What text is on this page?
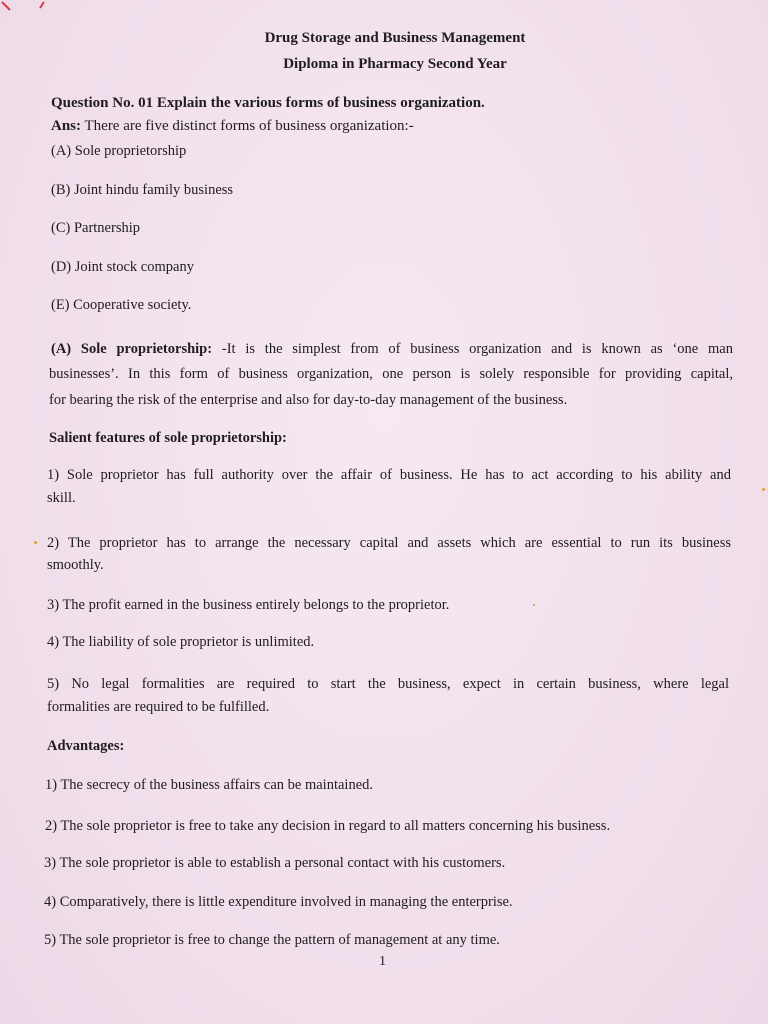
Drug Storage and Business Management
Diploma in Pharmacy Second Year
Question No. 01 Explain the various forms of business organization.
Ans: There are five distinct forms of business organization:-
(A) Sole proprietorship
(B) Joint hindu family business
(C) Partnership
(D) Joint stock company
(E) Cooperative society.
(A) Sole proprietorship: -It is the simplest from of business organization and is known as ‘one man
businesses’. In this form of business organization, one person is solely responsible for providing capital,
for bearing the risk of the enterprise and also for day-to-day management of the business.
Salient features of sole proprietorship:
1) Sole proprietor has full authority over the affair of business. He has to act according to his ability and
skill.
2) The proprietor has to arrange the necessary capital and assets which are essential to run its business
smoothly.
3) The profit earned in the business entirely belongs to the proprietor.
4) The liability of sole proprietor is unlimited.
5) No legal formalities are required to start the business, expect in certain business, where legal
formalities are required to be fulfilled.
Advantages:
1) The secrecy of the business affairs can be maintained.
2) The sole proprietor is free to take any decision in regard to all matters concerning his business.
3) The sole proprietor is able to establish a personal contact with his customers.
4) Comparatively, there is little expenditure involved in managing the enterprise.
5) The sole proprietor is free to change the pattern of management at any time.
1
